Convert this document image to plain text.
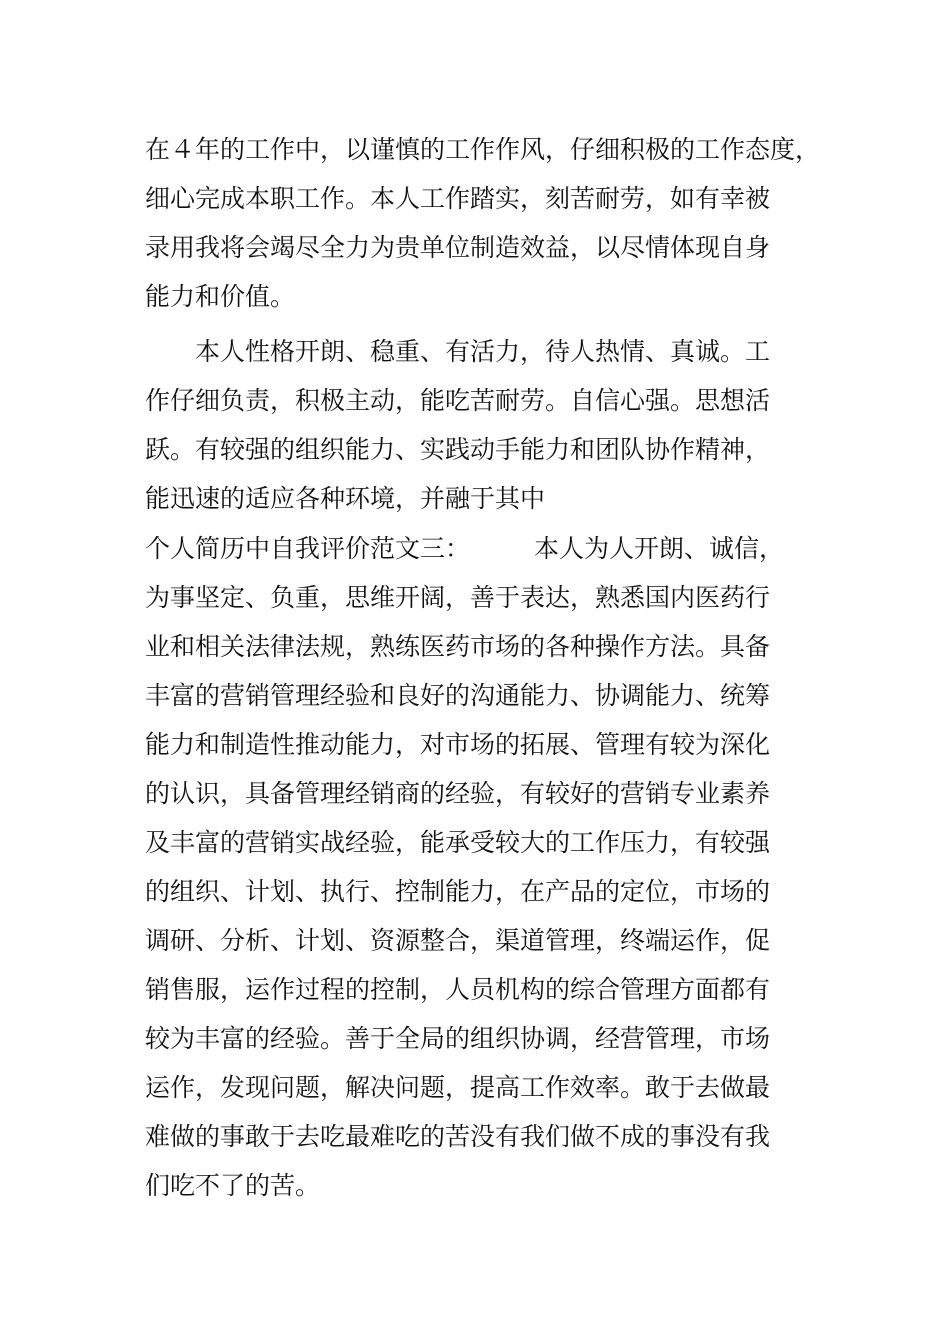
在４年的工作中，以谨慎的工作作风，仔细积极的工作态度，

细心完成本职工作。本人工作踏实，刻苦耐劳，如有幸被

录用我将会竭尽全力为贵单位制造效益，以尽情体现自身

能力和价值。

本人性格开朗、稳重、有活力，待人热情、真诚。工

作仔细负责，积极主动，能吃苦耐劳。自信心强。思想活

跃。有较强的组织能力、实践动手能力和团队协作精神，

能迅速的适应各种环境，并融于其中

个人简历中自我评价范文三：	本人为人开朗、诚信，

为事坚定、负重，思维开阔，善于表达，熟悉国内医药行

业和相关法律法规，熟练医药市场的各种操作方法。具备

丰富的营销管理经验和良好的沟通能力、协调能力、统筹

能力和制造性推动能力，对市场的拓展、管理有较为深化

的认识，具备管理经销商的经验，有较好的营销专业素养

及丰富的营销实战经验，能承受较大的工作压力，有较强

的组织、计划、执行、控制能力，在产品的定位，市场的

调研、分析、计划、资源整合，渠道管理，终端运作，促

销售服，运作过程的控制，人员机构的综合管理方面都有

较为丰富的经验。善于全局的组织协调，经营管理，市场

运作，发现问题，解决问题，提高工作效率。敢于去做最

难做的事敢于去吃最难吃的苦没有我们做不成的事没有我

们吃不了的苦。
